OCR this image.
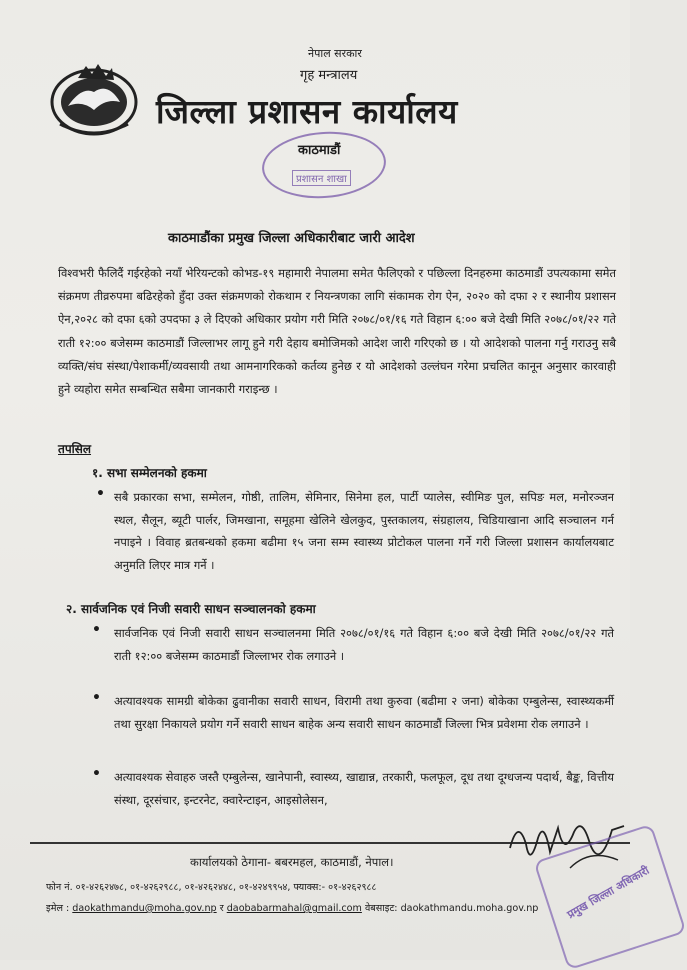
नेपाल सरकार
गृह मन्त्रालय
जिल्ला प्रशासन कार्यालय
काठमाडौं
प्रशासन शाखा
काठमाडौंका प्रमुख जिल्ला अधिकारीबाट जारी आदेश
विश्वभरी फैलिदैं गईरहेको नयाँ भेरियन्टको कोभड-१९ महामारी नेपालमा समेत फैलिएको र पछिल्ला दिनहरुमा काठमाडौं उपत्यकामा समेत संक्रमण तीव्ररुपमा बढिरहेको हुँदा उक्त संक्रमणको रोकथाम र नियन्त्रणका लागि संकामक रोग ऐन, २०२० को दफा २ र स्थानीय प्रशासन ऐन,२०२८ को दफा ६को उपदफा ३ ले दिएको अधिकार प्रयोग गरी मिति २०७८/०१/१६ गते विहान ६:०० बजे देखी मिति २०७८/०१/२२ गते राती १२:०० बजेसम्म काठमाडौं जिल्लाभर लागू हुने गरी देहाय बमोजिमको आदेश जारी गरिएको छ । यो आदेशको पालना गर्नु गराउनु सबै व्यक्ति/संघ संस्था/पेशाकर्मी/व्यवसायी तथा आमनागरिकको कर्तव्य हुनेछ र यो आदेशको उल्लंघन गरेमा प्रचलित कानून अनुसार कारवाही हुने व्यहोरा समेत सम्बन्धित सबैमा जानकारी गराइन्छ ।
तपसिल
१. सभा सम्मेलनको हकमा
• सबै प्रकारका सभा, सम्मेलन, गोष्ठी, तालिम, सेमिनार, सिनेमा हल, पार्टी प्यालेस, स्वीमिङ पुल, सपिङ मल, मनोरञ्जन स्थल, सैलून, ब्यूटी पार्लर, जिमखाना, समूहमा खेलिने खेलकुद, पुस्तकालय, संग्रहालय, चिडियाखाना आदि सञ्चालन गर्न नपाइने । विवाह ब्रतबन्धको हकमा बढीमा १५ जना सम्म स्वास्थ्य प्रोटोकल पालना गर्ने गरी जिल्ला प्रशासन कार्यालयबाट अनुमति लिएर मात्र गर्ने ।
२. सार्वजनिक एवं निजी सवारी साधन सञ्चालनको हकमा
• सार्वजनिक एवं निजी सवारी साधन सञ्चालनमा मिति २०७८/०१/१६ गते विहान ६:०० बजे देखी मिति २०७८/०१/२२ गते राती १२:०० बजेसम्म काठमाडौं जिल्लाभर रोक लगाउने ।
• अत्यावश्यक सामग्री बोकेका ढुवानीका सवारी साधन, विरामी तथा कुरुवा (बढीमा २ जना) बोकेका एम्बुलेन्स, स्वास्थ्यकर्मी तथा सुरक्षा निकायले प्रयोग गर्ने सवारी साधन बाहेक अन्य सवारी साधन काठमाडौं जिल्ला भित्र प्रवेशमा रोक लगाउने ।
• अत्यावश्यक सेवाहरु जस्तै एम्बुलेन्स, खानेपानी, स्वास्थ्य, खाद्यान्न, तरकारी, फलफूल, दूध तथा दूग्धजन्य पदार्थ, बैङ्क, वित्तीय संस्था, दूरसंचार, इन्टरनेट, क्वारेन्टाइन, आइसोलेसन,
कार्यालयको ठेगाना- बबरमहल, काठमाडौं, नेपाल।
फोन नं. ०१-४२६२४७८, ०१-४२६२९८८, ०१-४२६२४४८, ०१-४२४९९५४, फ्याक्स:- ०१-४२६२९८८
इमेल : daokathmandu@moha.gov.np र daobabarmahal@gmail.com वेबसाइट: daokathmandu.moha.gov.np प्रमुख जिल्ला अधिकारी
